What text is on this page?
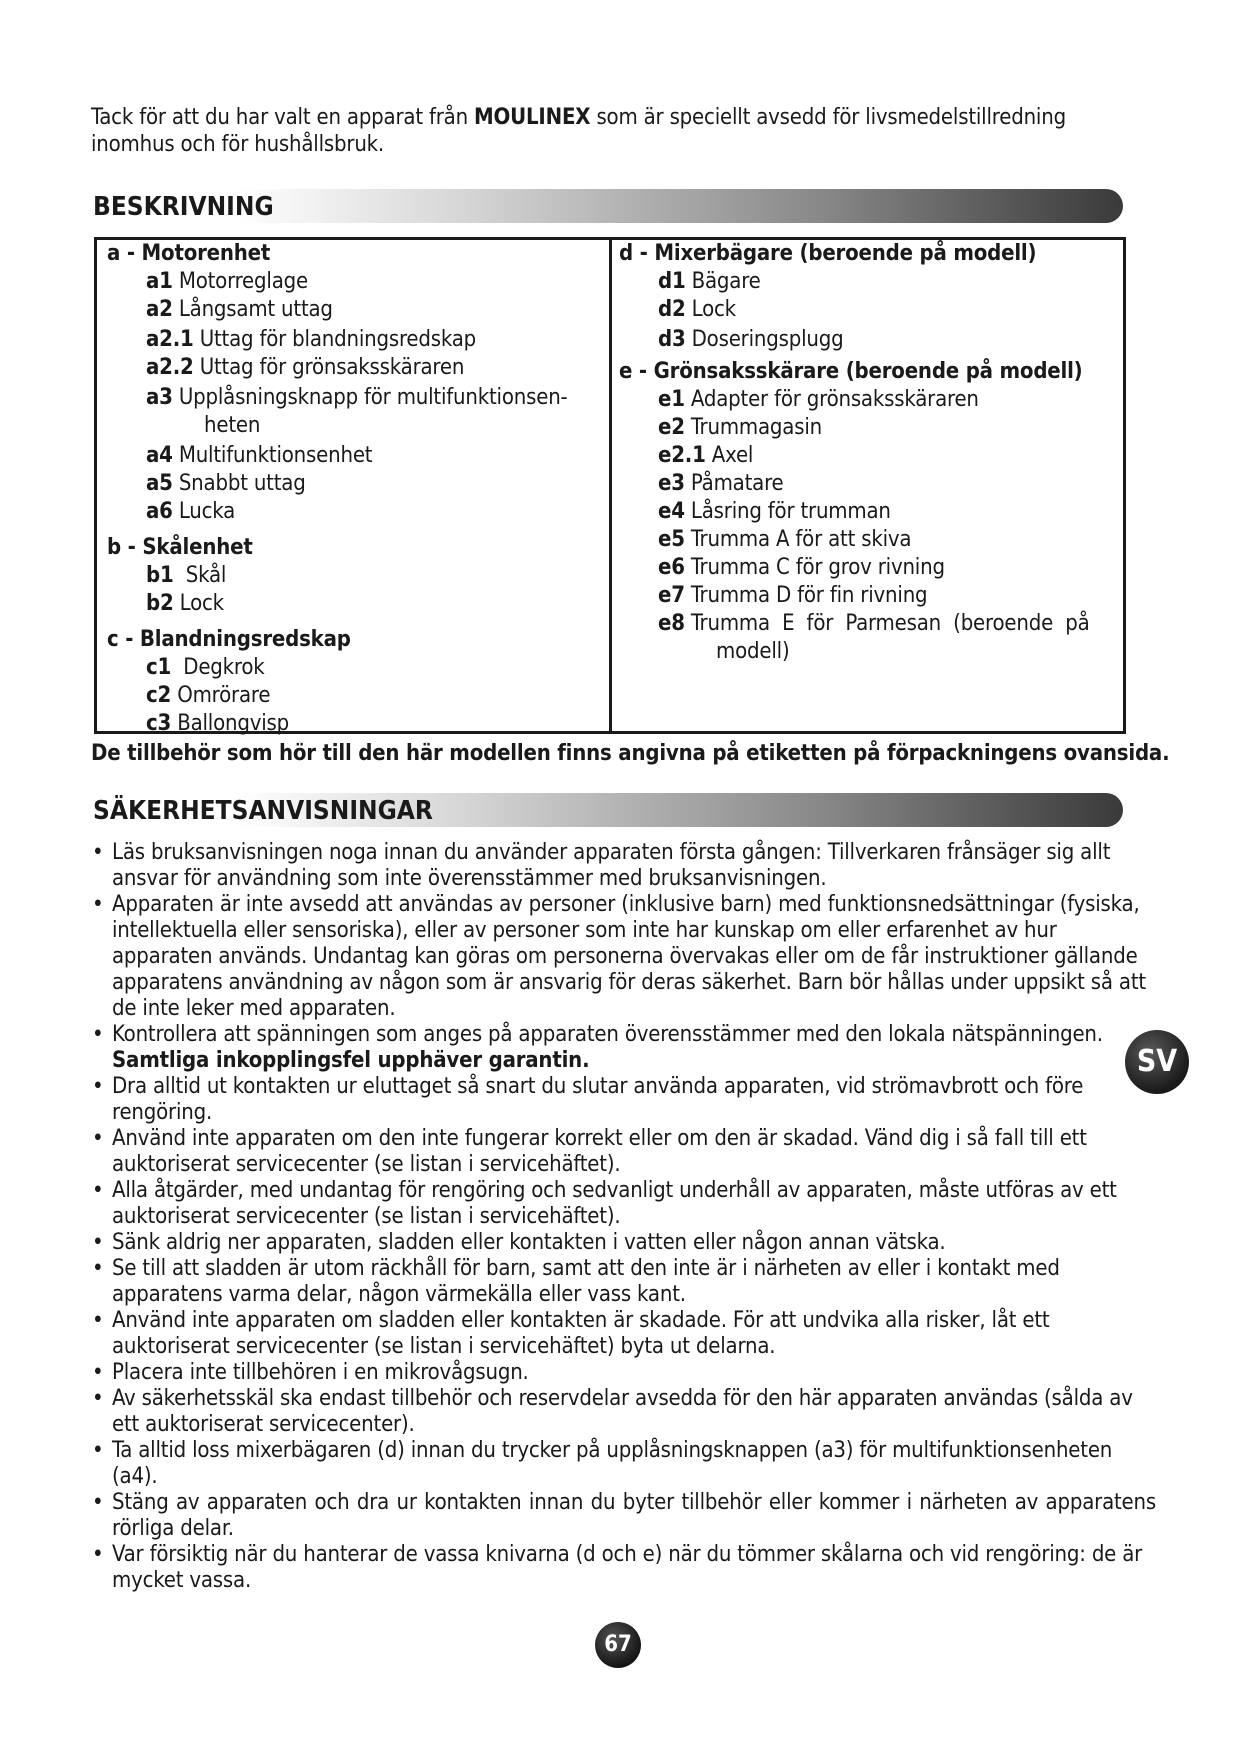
Tack för att du har valt en apparat från MOULINEX som är speciellt avsedd för livsmedelstillredning inomhus och för hushållsbruk.
BESKRIVNING
a - Motorenhet
a1 Motorreglage
a2 Långsamt uttag
a2.1 Uttag för blandningsredskap
a2.2 Uttag för grönsaksskäraren
a3 Upplåsningsknapp för multifunktionsen-
heten
a4 Multifunktionsenhet
a5 Snabbt uttag
a6 Lucka
b - Skålenhet
b1  Skål
b2 Lock
c - Blandningsredskap
c1  Degkrok
c2 Omrörare
c3 Ballongvisp
d - Mixerbägare (beroende på modell)
d1 Bägare
d2 Lock
d3 Doseringsplugg
e - Grönsaksskärare (beroende på modell)
e1 Adapter för grönsaksskäraren
e2 Trummagasin
e2.1 Axel
e3 Påmatare
e4 Låsring för trumman
e5 Trumma A för att skiva
e6 Trumma C för grov rivning
e7 Trumma D för fin rivning
e8 Trumma  E  för  Parmesan  (beroende  på
modell)
De tillbehör som hör till den här modellen finns angivna på etiketten på förpackningens ovansida.
SÄKERHETSANVISNINGAR
• Läs bruksanvisningen noga innan du använder apparaten första gången: Tillverkaren frånsäger sig allt ansvar för användning som inte överensstämmer med bruksanvisningen.
• Apparaten är inte avsedd att användas av personer (inklusive barn) med funktionsnedsättningar (fysiska, intellektuella eller sensoriska), eller av personer som inte har kunskap om eller erfarenhet av hur apparaten används. Undantag kan göras om personerna övervakas eller om de får instruktioner gällande apparatens användning av någon som är ansvarig för deras säkerhet. Barn bör hållas under uppsikt så att de inte leker med apparaten.
• Kontrollera att spänningen som anges på apparaten överensstämmer med den lokala nätspänningen.
Samtliga inkopplingsfel upphäver garantin.
• Dra alltid ut kontakten ur eluttaget så snart du slutar använda apparaten, vid strömavbrott och före rengöring.
• Använd inte apparaten om den inte fungerar korrekt eller om den är skadad. Vänd dig i så fall till ett auktoriserat servicecenter (se listan i servicehäftet).
• Alla åtgärder, med undantag för rengöring och sedvanligt underhåll av apparaten, måste utföras av ett auktoriserat servicecenter (se listan i servicehäftet).
• Sänk aldrig ner apparaten, sladden eller kontakten i vatten eller någon annan vätska.
• Se till att sladden är utom räckhåll för barn, samt att den inte är i närheten av eller i kontakt med apparatens varma delar, någon värmekälla eller vass kant.
• Använd inte apparaten om sladden eller kontakten är skadade. För att undvika alla risker, låt ett auktoriserat servicecenter (se listan i servicehäftet) byta ut delarna.
• Placera inte tillbehören i en mikrovågsugn.
• Av säkerhetsskäl ska endast tillbehör och reservdelar avsedda för den här apparaten användas (sålda av ett auktoriserat servicecenter).
• Ta alltid loss mixerbägaren (d) innan du trycker på upplåsningsknappen (a3) för multifunktionsenheten (a4).
• Stäng av apparaten och dra ur kontakten innan du byter tillbehör eller kommer i närheten av apparatens rörliga delar.
• Var försiktig när du hanterar de vassa knivarna (d och e) när du tömmer skålarna och vid rengöring: de är mycket vassa.
SV
67
